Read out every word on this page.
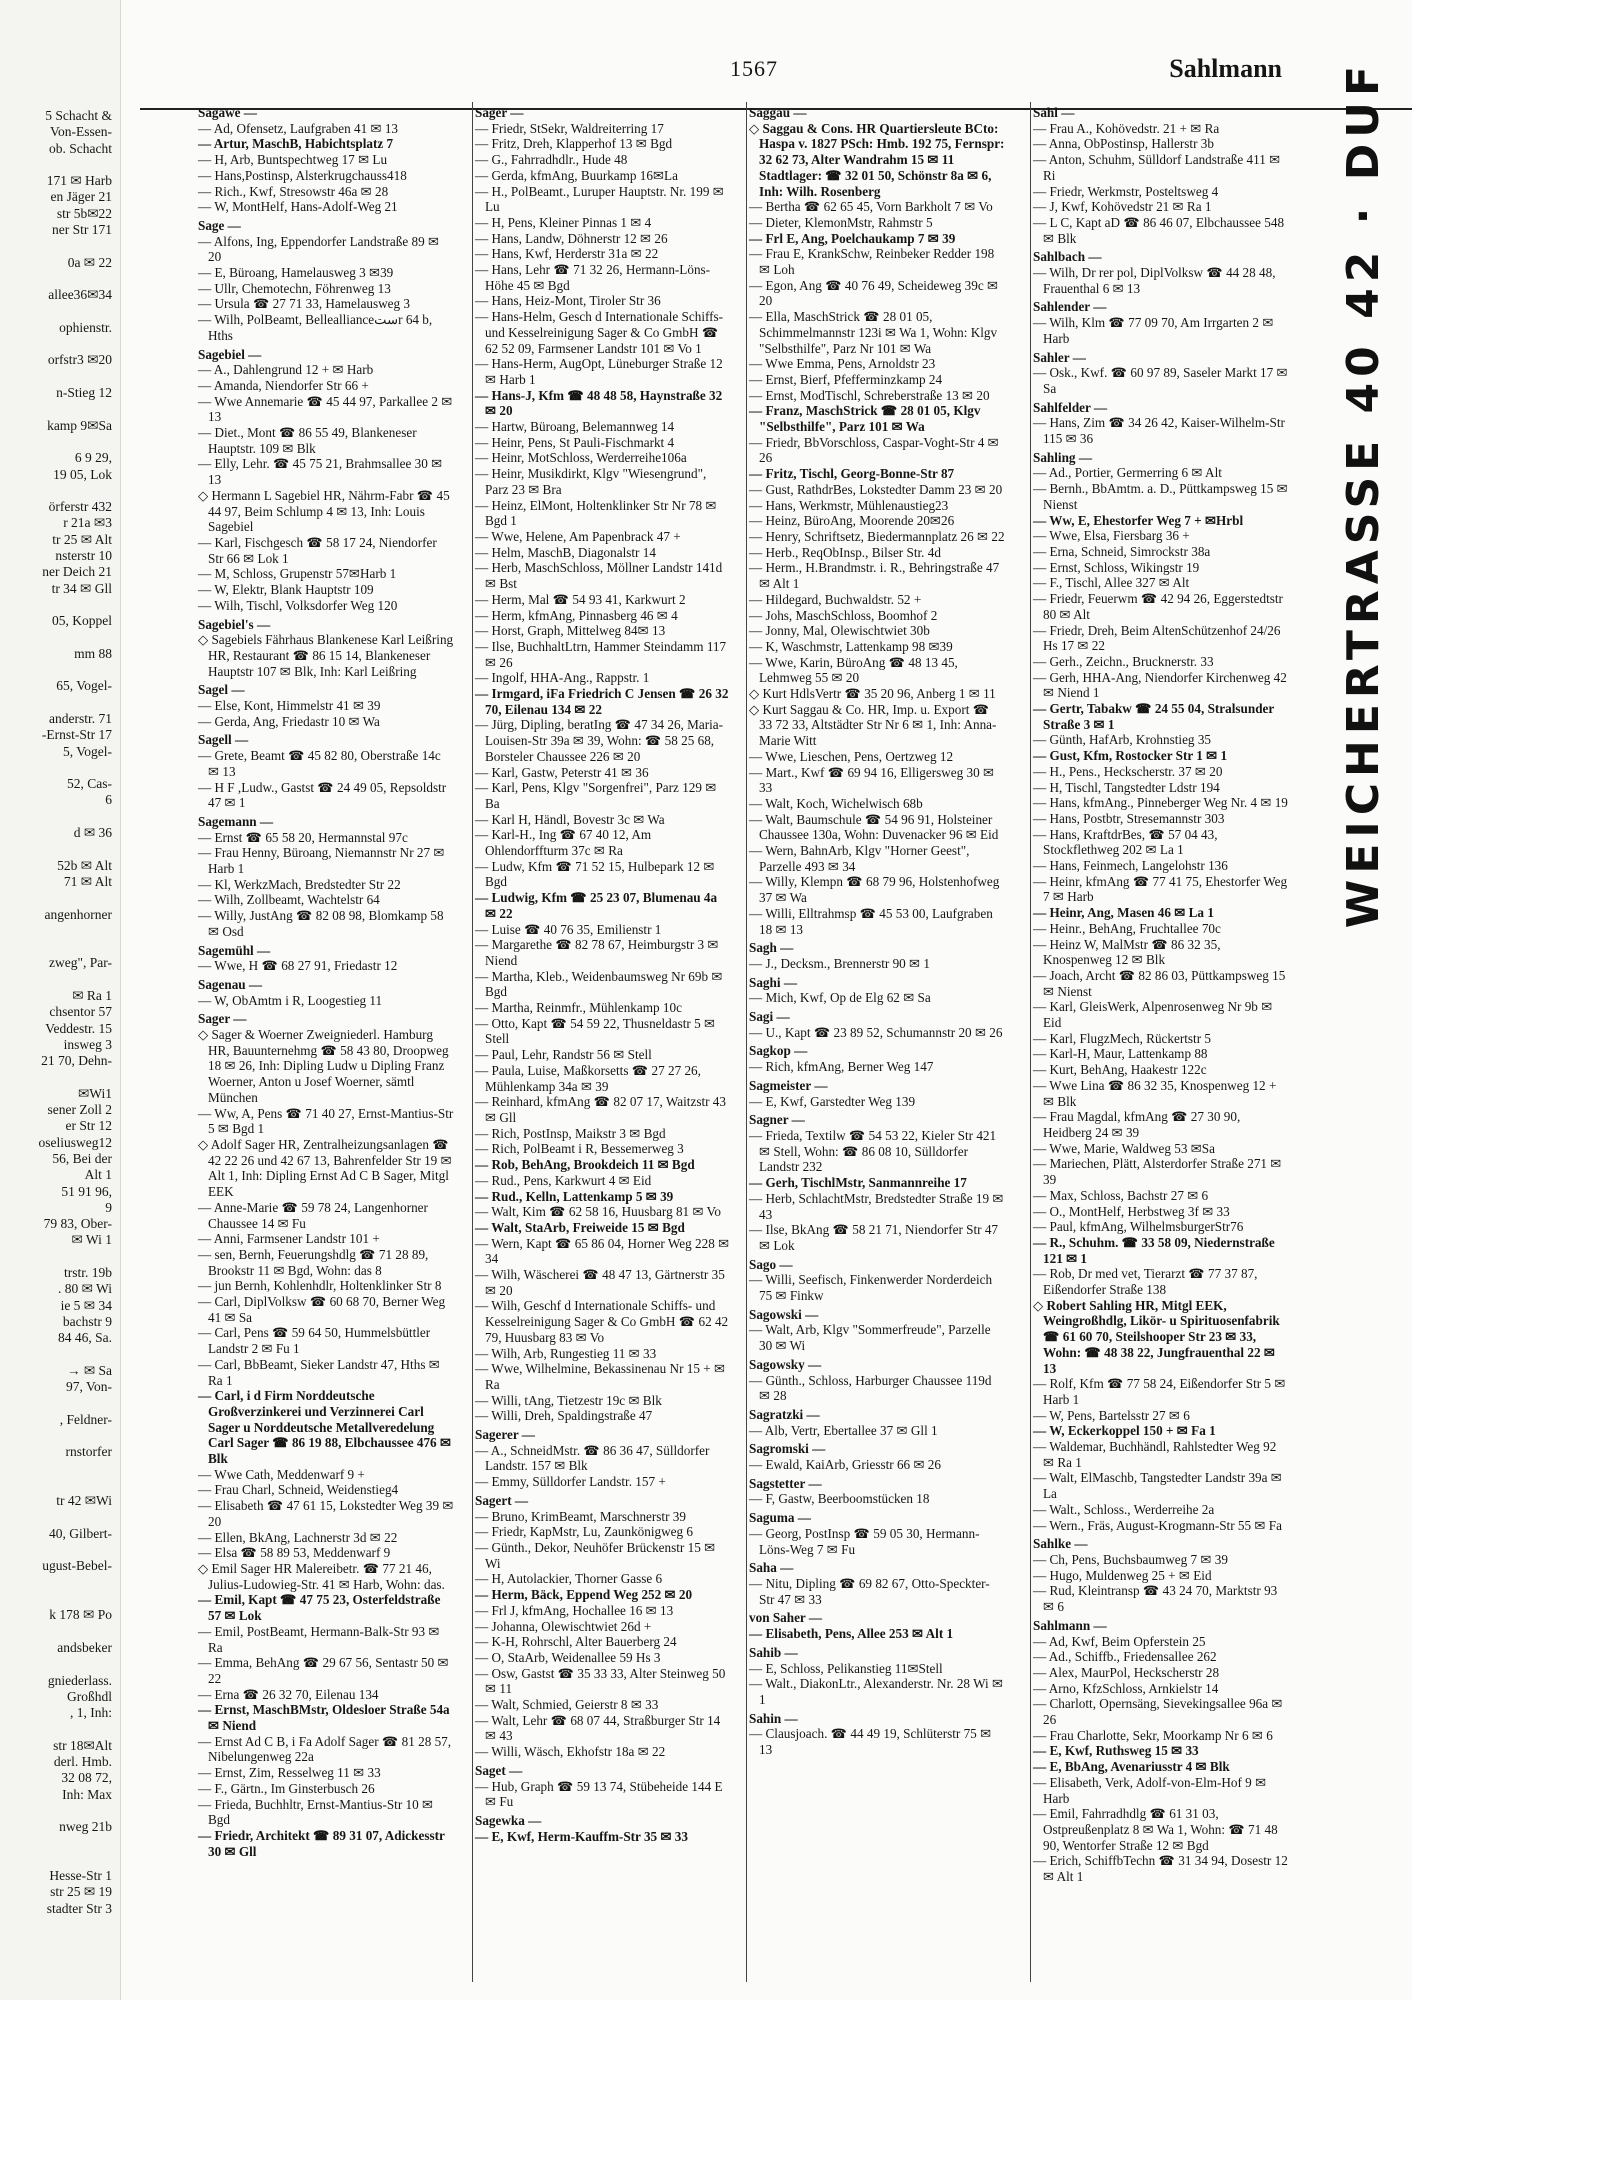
5 Schacht &
Von-Essen-
ob. Schacht

171 ✉ Harb
en Jäger 21
str 5b✉22
ner Str 171

0a ✉ 22

allee36✉34

ophienstr.

orfstr3 ✉20

n-Stieg 12

kamp 9✉Sa

6 9 29,
19 05, Lok

örferstr 432
r 21a ✉3
tr 25 ✉ Alt
nsterstr 10
ner Deich 21
tr 34 ✉ Gll

05, Koppel

mm 88

65, Vogel-

anderstr. 71
-Ernst-Str 17
5, Vogel-

52, Cas-
6

d ✉ 36

52b ✉ Alt
71 ✉ Alt

angenhorner

zweg", Par-

✉ Ra 1
chsentor 57
Veddestr. 15
insweg 3
21 70, Dehn-

✉Wi1
sener Zoll 2
er Str 12
oseliusweg12
56, Bei der
Alt 1
51 91 96,
9
79 83, Ober-
✉ Wi 1

trstr. 19b
. 80 ✉ Wi
ie 5 ✉ 34
bachstr 9
84 46, Sa.

→ ✉ Sa
97, Von-

, Feldner-

rnstorfer

tr 42 ✉Wi

40, Gilbert-

ugust-Bebel-

k 178 ✉ Po

andsbeker

gniederlass.
Großhdl
, 1, Inh:

str 18✉Alt
derl. Hmb.
32 08 72,
Inh: Max

nweg 21b

Hesse-Str 1
str 25 ✉ 19
stadter Str 3
1567	Sahlmann
Sagawe —
— Ad, Ofensetz, Laufgraben 41 ✉ 13
— Artur, MaschB, Habichtsplatz 7
— H, Arb, Buntspechtweg 17 ✉ Lu
— Hans,Postinsp, Alsterkrugchauss418
— Rich., Kwf, Stresowstr 46a ✉ 28
— W, MontHelf, Hans-Adolf-Weg 21
Sage —
— Alfons, Ing, Eppendorfer Landstraße 89 ✉ 20
— E, Büroang, Hamelausweg 3 ✉39
— Ullr, Chemotechn, Föhrenweg 13
— Ursula ☎ 27 71 33, Hamelausweg 3
— Wilh, PolBeamt, Belleallianceستr 64 b, Hths
Sagebiel —
— A., Dahlengrund 12 + ✉ Harb
— Amanda, Niendorfer Str 66 +
— Wwe Annemarie ☎ 45 44 97, Parkallee 2 ✉ 13
— Diet., Mont ☎ 86 55 49, Blankeneser Hauptstr. 109 ✉ Blk
— Elly, Lehr. ☎ 45 75 21, Brahmsallee 30 ✉ 13
◇ Hermann L Sagebiel HR, Nährm-Fabr ☎ 45 44 97, Beim Schlump 4 ✉ 13, Inh: Louis Sagebiel
— Karl, Fischgesch ☎ 58 17 24, Niendorfer Str 66 ✉ Lok 1
— M, Schloss, Grupenstr 57✉Harb 1
— W, Elektr, Blank Hauptstr 109
— Wilh, Tischl, Volksdorfer Weg 120
Sagebiel's —
◇ Sagebiels Fährhaus Blankenese Karl Leißring HR, Restaurant ☎ 86 15 14, Blankeneser Hauptstr 107 ✉ Blk, Inh: Karl Leißring
Sagel —
— Else, Kont, Himmelstr 41 ✉ 39
— Gerda, Ang, Friedastr 10 ✉ Wa
Sagell —
— Grete, Beamt ☎ 45 82 80, Oberstraße 14c ✉ 13
— H F ,Ludw., Gastst ☎ 24 49 05, Repsoldstr 47 ✉ 1
Sagemann —
— Ernst ☎ 65 58 20, Hermannstal 97c
— Frau Henny, Büroang, Niemannstr Nr 27 ✉ Harb 1
— Kl, WerkzMach, Bredstedter Str 22
— Wilh, Zollbeamt, Wachtelstr 64
— Willy, JustAng ☎ 82 08 98, Blomkamp 58 ✉ Osd
Sagemühl —
— Wwe, H ☎ 68 27 91, Friedastr 12
Sagenau —
— W, ObAmtm i R, Loogestieg 11
Sager —
◇ Sager & Woerner Zweigniederl. Hamburg HR, Bauunternehmg ☎ 58 43 80, Droopweg 18 ✉ 26, Inh: Dipling Ludw u Dipling Franz Woerner, Anton u Josef Woerner, sämtl München
— Ww, A, Pens ☎ 71 40 27, Ernst-Mantius-Str 5 ✉ Bgd 1
◇ Adolf Sager HR, Zentralheizungsanlagen ☎ 42 22 26 und 42 67 13, Bahrenfelder Str 19 ✉ Alt 1, Inh: Dipling Ernst Ad C B Sager, Mitgl EEK
— Anne-Marie ☎ 59 78 24, Langenhorner Chaussee 14 ✉ Fu
— Anni, Farmsener Landstr 101 +
— sen, Bernh, Feuerungshdlg ☎ 71 28 89, Brookstr 11 ✉ Bgd, Wohn: das 8
— jun Bernh, Kohlenhdlr, Holtenklinker Str 8
— Carl, DiplVolksw ☎ 60 68 70, Berner Weg 41 ✉ Sa
— Carl, Pens ☎ 59 64 50, Hummelsbüttler Landstr 2 ✉ Fu 1
— Carl, BbBeamt, Sieker Landstr 47, Hths ✉ Ra 1
— Carl, i d Firm Norddeutsche Großverzinkerei und Verzinnerei Carl Sager u Norddeutsche Metallveredelung Carl Sager ☎ 86 19 88, Elbchaussee 476 ✉ Blk
— Wwe Cath, Meddenwarf 9 +
— Frau Charl, Schneid, Weidenstieg4
— Elisabeth ☎ 47 61 15, Lokstedter Weg 39 ✉ 20
— Ellen, BkAng, Lachnerstr 3d ✉ 22
— Elsa ☎ 58 89 53, Meddenwarf 9
◇ Emil Sager HR Malereibetr. ☎ 77 21 46, Julius-Ludowieg-Str. 41 ✉ Harb, Wohn: das.
— Emil, Kapt ☎ 47 75 23, Osterfeldstraße 57 ✉ Lok
— Emil, PostBeamt, Hermann-Balk-Str 93 ✉ Ra
— Emma, BehAng ☎ 29 67 56, Sentastr 50 ✉ 22
— Erna ☎ 26 32 70, Eilenau 134
— Ernst, MaschBMstr, Oldesloer Straße 54a ✉ Niend
— Ernst Ad C B, i Fa Adolf Sager ☎ 81 28 57, Nibelungenweg 22a
— Ernst, Zim, Resselweg 11 ✉ 33
— F., Gärtn., Im Ginsterbusch 26
— Frieda, Buchhltr, Ernst-Mantius-Str 10 ✉ Bgd
— Friedr, Architekt ☎ 89 31 07, Adickesstr 30 ✉ Gll
Sager —
— Friedr, StSekr, Waldreiterring 17
— Fritz, Dreh, Klapperhof 13 ✉ Bgd
— G., Fahrradhdlr., Hude 48
— Gerda, kfmAng, Buurkamp 16✉La
— H., PolBeamt., Luruper Hauptstr. Nr. 199 ✉ Lu
— H, Pens, Kleiner Pinnas 1 ✉ 4
— Hans, Landw, Döhnerstr 12 ✉ 26
— Hans, Kwf, Herderstr 31a ✉ 22
— Hans, Lehr ☎ 71 32 26, Hermann-Löns-Höhe 45 ✉ Bgd
— Hans, Heiz-Mont, Tiroler Str 36
— Hans-Helm, Gesch d Internationale Schiffs- und Kesselreinigung Sager & Co GmbH ☎ 62 52 09, Farmsener Landstr 101 ✉ Vo 1
— Hans-Herm, AugOpt, Lüneburger Straße 12 ✉ Harb 1
— Hans-J, Kfm ☎ 48 48 58, Haynstraße 32 ✉ 20
— Hartw, Büroang, Belemannweg 14
— Heinr, Pens, St Pauli-Fischmarkt 4
— Heinr, MotSchloss, Werderreihe106a
— Heinr, Musikdirkt, Klgv "Wiesengrund", Parz 23 ✉ Bra
— Heinz, ElMont, Holtenklinker Str Nr 78 ✉ Bgd 1
— Wwe, Helene, Am Papenbrack 47 +
— Helm, MaschB, Diagonalstr 14
— Herb, MaschSchloss, Möllner Landstr 141d ✉ Bst
— Herm, Mal ☎ 54 93 41, Karkwurt 2
— Herm, kfmAng, Pinnasberg 46 ✉ 4
— Horst, Graph, Mittelweg 84✉ 13
— Ilse, BuchhaltLtrn, Hammer Steindamm 117 ✉ 26
— Ingolf, HHA-Ang., Rappstr. 1
— Irmgard, iFa Friedrich C Jensen ☎ 26 32 70, Eilenau 134 ✉ 22
— Jürg, Dipling, beratIng ☎ 47 34 26, Maria-Louisen-Str 39a ✉ 39, Wohn: ☎ 58 25 68, Borsteler Chaussee 226 ✉ 20
— Karl, Gastw, Peterstr 41 ✉ 36
— Karl, Pens, Klgv "Sorgenfrei", Parz 129 ✉ Ba
— Karl H, Händl, Bovestr 3c ✉ Wa
— Karl-H., Ing ☎ 67 40 12, Am Ohlendorffturm 37c ✉ Ra
— Ludw, Kfm ☎ 71 52 15, Hulbepark 12 ✉ Bgd
— Ludwig, Kfm ☎ 25 23 07, Blumenau 4a ✉ 22
— Luise ☎ 40 76 35, Emilienstr 1
— Margarethe ☎ 82 78 67, Heimburgstr 3 ✉ Niend
— Martha, Kleb., Weidenbaumsweg Nr 69b ✉ Bgd
— Martha, Reinmfr., Mühlenkamp 10c
— Otto, Kapt ☎ 54 59 22, Thusneldastr 5 ✉ Stell
— Paul, Lehr, Randstr 56 ✉ Stell
— Paula, Luise, Maßkorsetts ☎ 27 27 26, Mühlenkamp 34a ✉ 39
— Reinhard, kfmAng ☎ 82 07 17, Waitzstr 43 ✉ Gll
— Rich, PostInsp, Maikstr 3 ✉ Bgd
— Rich, PolBeamt i R, Bessemerweg 3
— Rob, BehAng, Brookdeich 11 ✉ Bgd
— Rud., Pens, Karkwurt 4 ✉ Eid
— Rud., Kelln, Lattenkamp 5 ✉ 39
— Walt, Kim ☎ 62 58 16, Huusbarg 81 ✉ Vo
— Walt, StaArb, Freiweide 15 ✉ Bgd
— Wern, Kapt ☎ 65 86 04, Horner Weg 228 ✉ 34
— Wilh, Wäscherei ☎ 48 47 13, Gärtnerstr 35 ✉ 20
— Wilh, Geschf d Internationale Schiffs- und Kesselreinigung Sager & Co GmbH ☎ 62 42 79, Huusbarg 83 ✉ Vo
— Wilh, Arb, Rungestieg 11 ✉ 33
— Wwe, Wilhelmine, Bekassinenau Nr 15 + ✉ Ra
— Willi, tAng, Tietzestr 19c ✉ Blk
— Willi, Dreh, Spaldingstraße 47
Sagerer —
— A., SchneidMstr. ☎ 86 36 47, Sülldorfer Landstr. 157 ✉ Blk
— Emmy, Sülldorfer Landstr. 157 +
Sagert —
— Bruno, KrimBeamt, Marschnerstr 39
— Friedr, KapMstr, Lu, Zaunkönigweg 6
— Günth., Dekor, Neuhöfer Brückenstr 15 ✉ Wi
— H, Autolackier, Thorner Gasse 6
— Herm, Bäck, Eppend Weg 252 ✉ 20
— Frl J, kfmAng, Hochallee 16 ✉ 13
— Johanna, Olewischtwiet 26d +
— K-H, Rohrschl, Alter Bauerberg 24
— O, StaArb, Weidenallee 59 Hs 3
— Osw, Gastst ☎ 35 33 33, Alter Steinweg 50 ✉ 11
— Walt, Schmied, Geierstr 8 ✉ 33
— Walt, Lehr ☎ 68 07 44, Straßburger Str 14 ✉ 43
— Willi, Wäsch, Ekhofstr 18a ✉ 22
Saget —
— Hub, Graph ☎ 59 13 74, Stübeheide 144 E ✉ Fu
Sagewka —
— E, Kwf, Herm-Kauffm-Str 35 ✉ 33
Saggau —
◇ Saggau & Cons. HR Quartiersleute BCto: Haspa v. 1827 PSch: Hmb. 192 75, Fernspr: 32 62 73, Alter Wandrahm 15 ✉ 11 Stadtlager: ☎ 32 01 50, Schönstr 8a ✉ 6, Inh: Wilh. Rosenberg
— Bertha ☎ 62 65 45, Vorn Barkholt 7 ✉ Vo
— Dieter, KlemonMstr, Rahmstr 5
— Frl E, Ang, Poelchaukamp 7 ✉ 39
— Frau E, KrankSchw, Reinbeker Redder 198 ✉ Loh
— Egon, Ang ☎ 40 76 49, Scheideweg 39c ✉ 20
— Ella, MaschStrick ☎ 28 01 05, Schimmelmannstr 123i ✉ Wa 1, Wohn: Klgv "Selbsthilfe", Parz Nr 101 ✉ Wa
— Wwe Emma, Pens, Arnoldstr 23
— Ernst, Bierf, Pfefferminzkamp 24
— Ernst, ModTischl, Schreberstraße 13 ✉ 20
— Franz, MaschStrick ☎ 28 01 05, Klgv "Selbsthilfe", Parz 101 ✉ Wa
— Friedr, BbVorschloss, Caspar-Voght-Str 4 ✉ 26
— Fritz, Tischl, Georg-Bonne-Str 87
— Gust, RathdrBes, Lokstedter Damm 23 ✉ 20
— Hans, Werkmstr, Mühlenaustieg23
— Heinz, BüroAng, Moorende 20✉26
— Henry, Schriftsetz, Biedermannplatz 26 ✉ 22
— Herb., ReqObInsp., Bilser Str. 4d
— Herm., H.Brandmstr. i. R., Behringstraße 47 ✉ Alt 1
— Hildegard, Buchwaldstr. 52 +
— Johs, MaschSchloss, Boomhof 2
— Jonny, Mal, Olewischtwiet 30b
— K, Waschmstr, Lattenkamp 98 ✉39
— Wwe, Karin, BüroAng ☎ 48 13 45, Lehmweg 55 ✉ 20
◇ Kurt HdlsVertr ☎ 35 20 96, Anberg 1 ✉ 11
◇ Kurt Saggau & Co. HR, Imp. u. Export ☎ 33 72 33, Altstädter Str Nr 6 ✉ 1, Inh: Anna-Marie Witt
— Wwe, Lieschen, Pens, Oertzweg 12
— Mart., Kwf ☎ 69 94 16, Elligersweg 30 ✉ 33
— Walt, Koch, Wichelwisch 68b
— Walt, Baumschule ☎ 54 96 91, Holsteiner Chaussee 130a, Wohn: Duvenacker 96 ✉ Eid
— Wern, BahnArb, Klgv "Horner Geest", Parzelle 493 ✉ 34
— Willy, Klempn ☎ 68 79 96, Holstenhofweg 37 ✉ Wa
— Willi, Elltrahmsp ☎ 45 53 00, Laufgraben 18 ✉ 13
Sagh —
— J., Decksm., Brennerstr 90 ✉ 1
Saghi —
— Mich, Kwf, Op de Elg 62 ✉ Sa
Sagi —
— U., Kapt ☎ 23 89 52, Schumannstr 20 ✉ 26
Sagkop —
— Rich, kfmAng, Berner Weg 147
Sagmeister —
— E, Kwf, Garstedter Weg 139
Sagner —
— Frieda, Textilw ☎ 54 53 22, Kieler Str 421 ✉ Stell, Wohn: ☎ 86 08 10, Sülldorfer Landstr 232
— Gerh, TischlMstr, Sanmannreihe 17
— Herb, SchlachtMstr, Bredstedter Straße 19 ✉ 43
— Ilse, BkAng ☎ 58 21 71, Niendorfer Str 47 ✉ Lok
Sago —
— Willi, Seefisch, Finkenwerder Norderdeich 75 ✉ Finkw
Sagowski —
— Walt, Arb, Klgv "Sommerfreude", Parzelle 30 ✉ Wi
Sagowsky —
— Günth., Schloss, Harburger Chaussee 119d ✉ 28
Sagratzki —
— Alb, Vertr, Ebertallee 37 ✉ Gll 1
Sagromski —
— Ewald, KaiArb, Griesstr 66 ✉ 26
Sagstetter —
— F, Gastw, Beerboomstücken 18
Saguma —
— Georg, PostInsp ☎ 59 05 30, Hermann-Löns-Weg 7 ✉ Fu
Saha —
— Nitu, Dipling ☎ 69 82 67, Otto-Speckter-Str 47 ✉ 33
von Saher —
— Elisabeth, Pens, Allee 253 ✉ Alt 1
Sahib —
— E, Schloss, Pelikanstieg 11✉Stell
— Walt., DiakonLtr., Alexanderstr. Nr. 28 Wi ✉ 1
Sahin —
— Clausjoach. ☎ 44 49 19, Schlüterstr 75 ✉ 13
Sahl —
— Frau A., Kohövedstr. 21 + ✉ Ra
— Anna, ObPostinsp, Hallerstr 3b
— Anton, Schuhm, Sülldorf Landstraße 411 ✉ Ri
— Friedr, Werkmstr, Posteltsweg 4
— J, Kwf, Kohövedstr 21 ✉ Ra 1
— L C, Kapt aD ☎ 86 46 07, Elbchaussee 548 ✉ Blk
Sahlbach —
— Wilh, Dr rer pol, DiplVolksw ☎ 44 28 48, Frauenthal 6 ✉ 13
Sahlender —
— Wilh, Klm ☎ 77 09 70, Am Irrgarten 2 ✉ Harb
Sahler —
— Osk., Kwf. ☎ 60 97 89, Saseler Markt 17 ✉ Sa
Sahlfelder —
— Hans, Zim ☎ 34 26 42, Kaiser-Wilhelm-Str 115 ✉ 36
Sahling —
— Ad., Portier, Germerring 6 ✉ Alt
— Bernh., BbAmtm. a. D., Püttkampsweg 15 ✉ Nienst
— Ww, E, Ehestorfer Weg 7 + ✉Hrbl
— Wwe, Elsa, Fiersbarg 36 +
— Erna, Schneid, Simrockstr 38a
— Ernst, Schloss, Wikingstr 19
— F., Tischl, Allee 327 ✉ Alt
— Friedr, Feuerwm ☎ 42 94 26, Eggerstedtstr 80 ✉ Alt
— Friedr, Dreh, Beim AltenSchützenhof 24/26 Hs 17 ✉ 22
— Gerh., Zeichn., Brucknerstr. 33
— Gerh, HHA-Ang, Niendorfer Kirchenweg 42 ✉ Niend 1
— Gertr, Tabakw ☎ 24 55 04, Stralsunder Straße 3 ✉ 1
— Günth, HafArb, Krohnstieg 35
— Gust, Kfm, Rostocker Str 1 ✉ 1
— H., Pens., Heckscherstr. 37 ✉ 20
— H, Tischl, Tangstedter Ldstr 194
— Hans, kfmAng., Pinneberger Weg Nr. 4 ✉ 19
— Hans, Postbtr, Stresemannstr 303
— Hans, KraftdrBes, ☎ 57 04 43, Stockflethweg 202 ✉ La 1
— Hans, Feinmech, Langelohstr 136
— Heinr, kfmAng ☎ 77 41 75, Ehestorfer Weg 7 ✉ Harb
— Heinr, Ang, Masen 46 ✉ La 1
— Heinr., BehAng, Fruchtallee 70c
— Heinz W, MalMstr ☎ 86 32 35, Knospenweg 12 ✉ Blk
— Joach, Archt ☎ 82 86 03, Püttkampsweg 15 ✉ Nienst
— Karl, GleisWerk, Alpenrosenweg Nr 9b ✉ Eid
— Karl, FlugzMech, Rückertstr 5
— Karl-H, Maur, Lattenkamp 88
— Kurt, BehAng, Haakestr 122c
— Wwe Lina ☎ 86 32 35, Knospenweg 12 + ✉ Blk
— Frau Magdal, kfmAng ☎ 27 30 90, Heidberg 24 ✉ 39
— Wwe, Marie, Waldweg 53 ✉Sa
— Mariechen, Plätt, Alsterdorfer Straße 271 ✉ 39
— Max, Schloss, Bachstr 27 ✉ 6
— O., MontHelf, Herbstweg 3f ✉ 33
— Paul, kfmAng, WilhelmsburgerStr76
— R., Schuhm. ☎ 33 58 09, Niedernstraße 121 ✉ 1
— Rob, Dr med vet, Tierarzt ☎ 77 37 87, Eißendorfer Straße 138
◇ Robert Sahling HR, Mitgl EEK, Weingroßhdlg, Likör- u Spirituosenfabrik ☎ 61 60 70, Steilshooper Str 23 ✉ 33, Wohn: ☎ 48 38 22, Jungfrauenthal 22 ✉ 13
— Rolf, Kfm ☎ 77 58 24, Eißendorfer Str 5 ✉ Harb 1
— W, Pens, Bartelsstr 27 ✉ 6
— W, Eckerkoppel 150 + ✉ Fa 1
— Waldemar, Buchhändl, Rahlstedter Weg 92 ✉ Ra 1
— Walt, ElMaschb, Tangstedter Landstr 39a ✉ La
— Walt., Schloss., Werderreihe 2a
— Wern., Fräs, August-Krogmann-Str 55 ✉ Fa
Sahlke —
— Ch, Pens, Buchsbaumweg 7 ✉ 39
— Hugo, Muldenweg 25 + ✉ Eid
— Rud, Kleintransp ☎ 43 24 70, Marktstr 93 ✉ 6
Sahlmann —
— Ad, Kwf, Beim Opferstein 25
— Ad., Schiffb., Friedensallee 262
— Alex, MaurPol, Heckscherstr 28
— Arno, KfzSchloss, Arnkielstr 14
— Charlott, Opernsäng, Sievekingsallee 96a ✉ 26
— Frau Charlotte, Sekr, Moorkamp Nr 6 ✉ 6
— E, Kwf, Ruthsweg 15 ✉ 33
— E, BbAng, Avenariusstr 4 ✉ Blk
— Elisabeth, Verk, Adolf-von-Elm-Hof 9 ✉ Harb
— Emil, Fahrradhdlg ☎ 61 31 03, Ostpreußenplatz 8 ✉ Wa 1, Wohn: ☎ 71 48 90, Wentorfer Straße 12 ✉ Bgd
— Erich, SchiffbTechn ☎ 31 34 94, Dosestr 12 ✉ Alt 1
WEICHERTRASSE 40 42 · DUF
